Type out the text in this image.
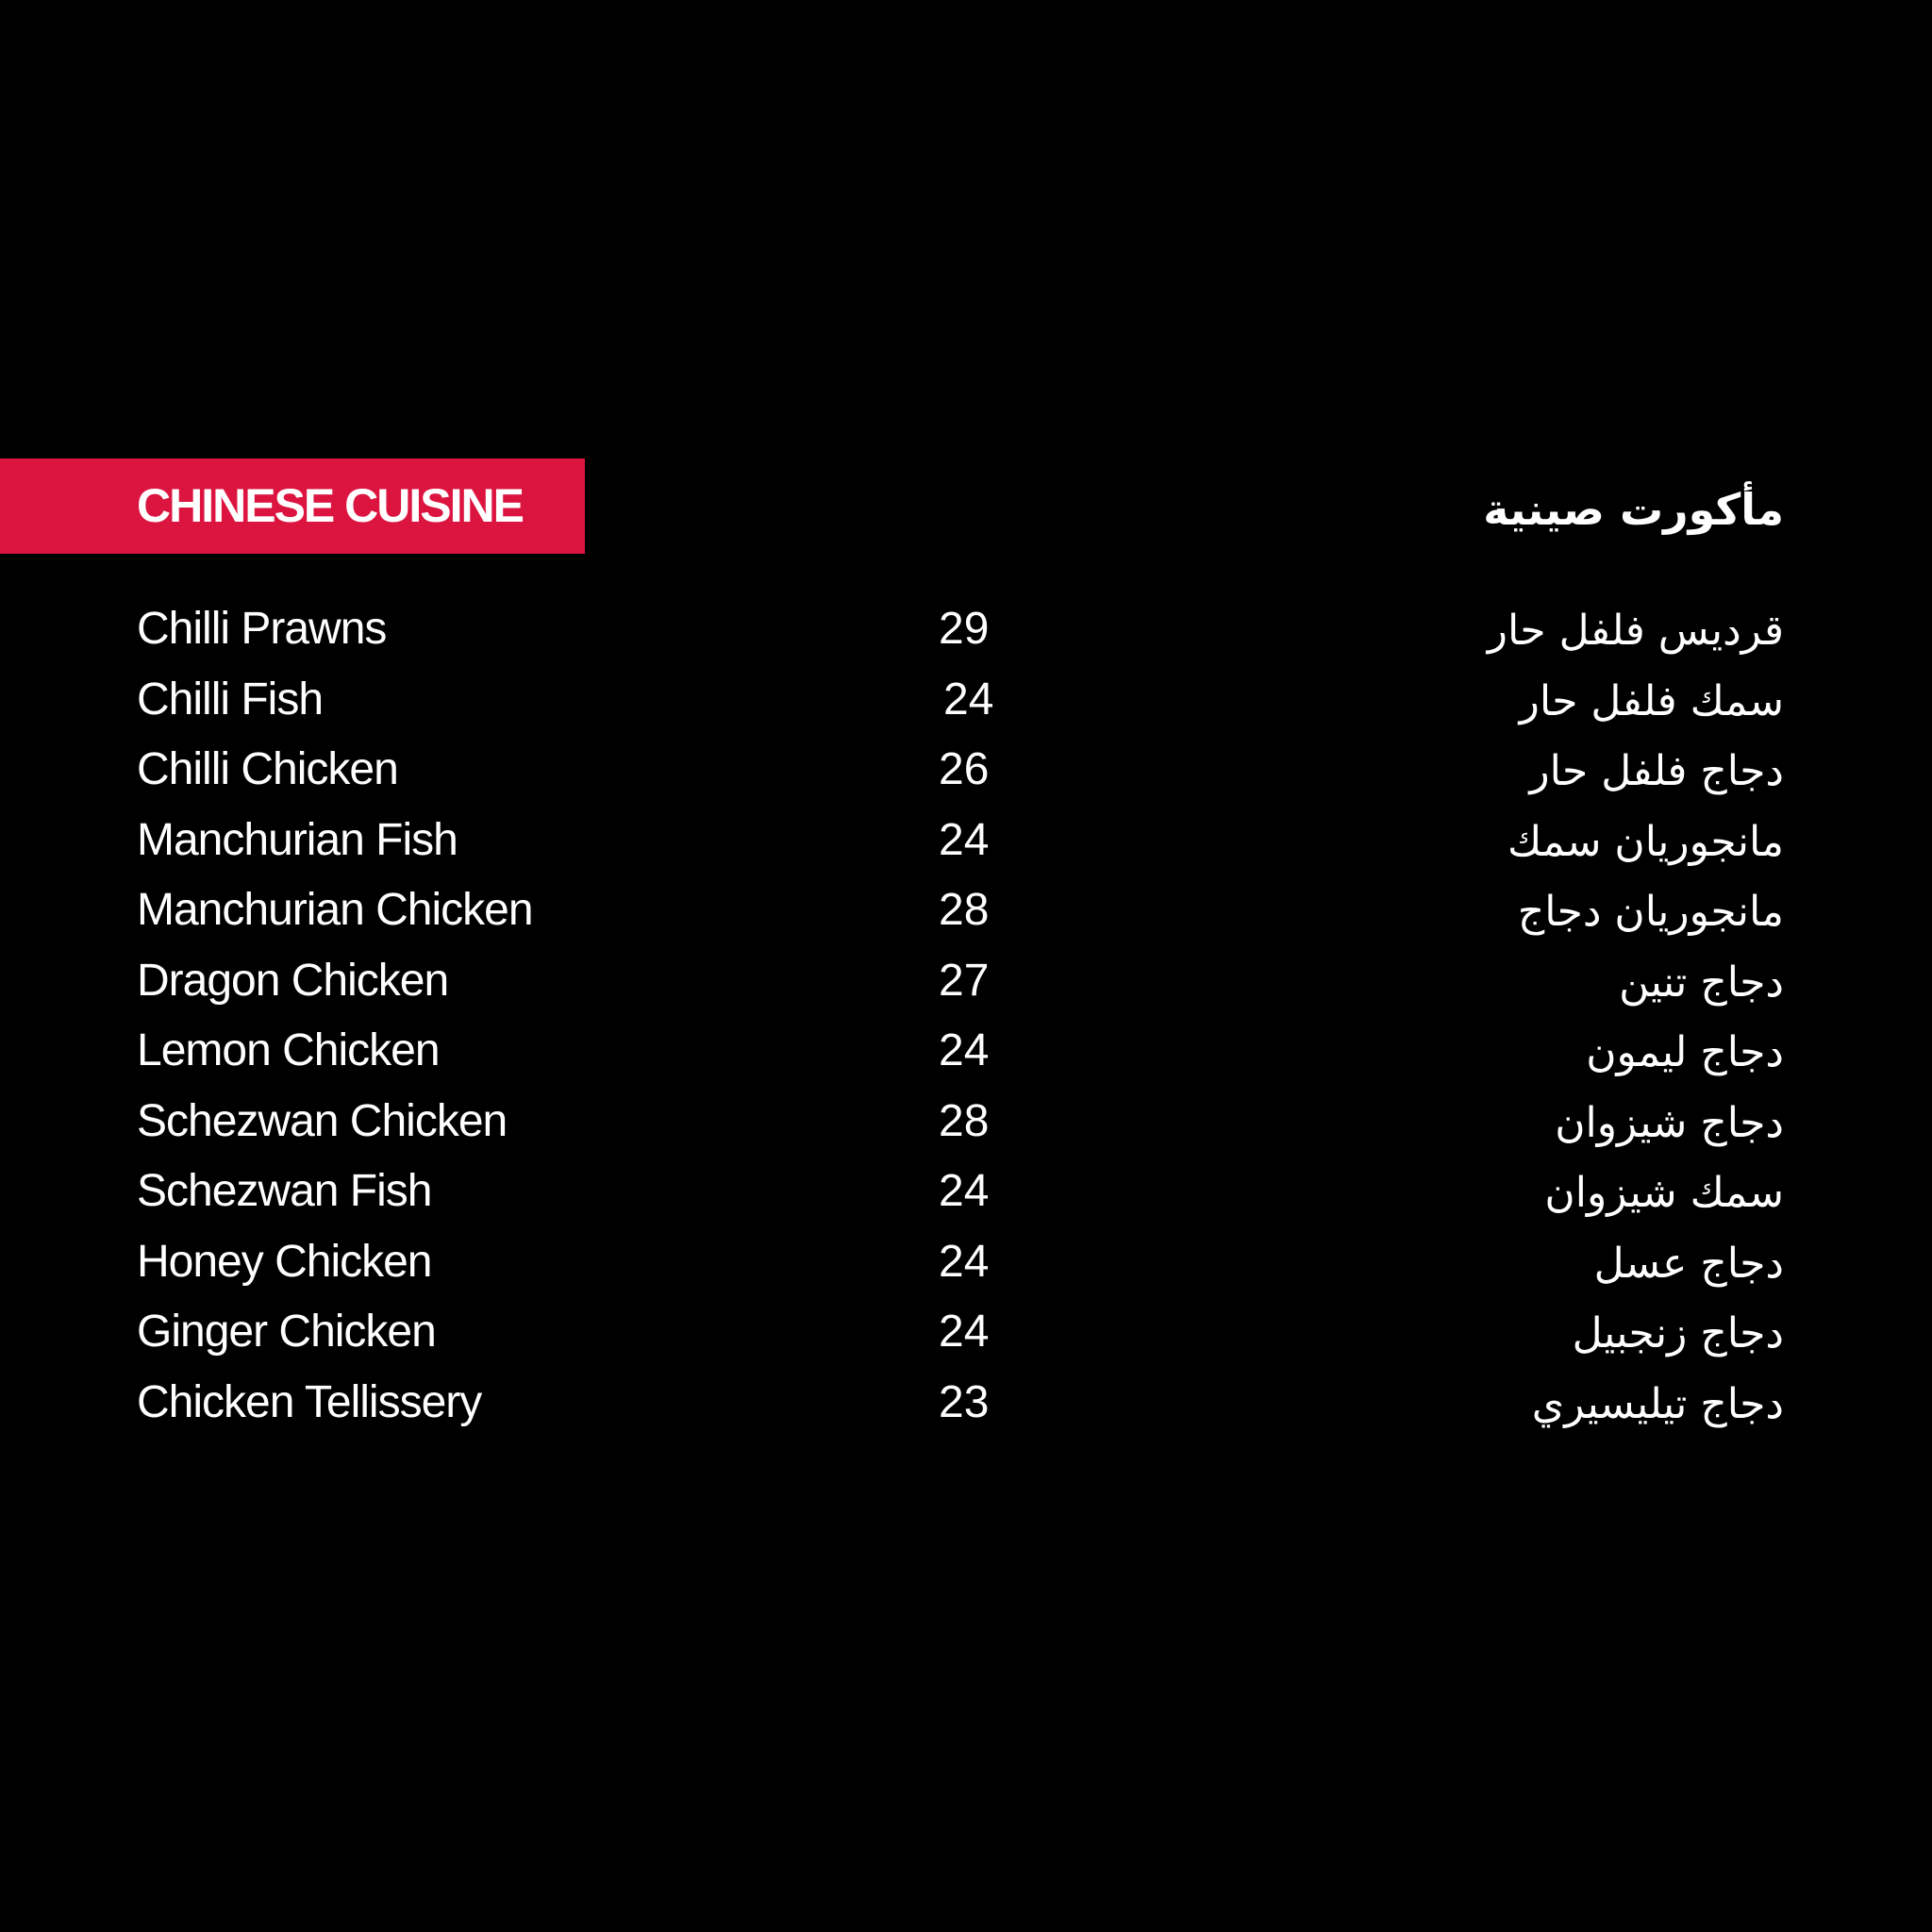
CHINESE CUISINE	مأكورت صينية
Chilli Prawns	29	قرديس فلفل حار
Chilli Fish	24	سمك فلفل حار
Chilli Chicken	26	دجاج فلفل حار
Manchurian Fish	24	مانجوريان سمك
Manchurian Chicken	28	مانجوريان دجاج
Dragon Chicken	27	دجاج تنين
Lemon Chicken	24	دجاج ليمون
Schezwan Chicken	28	دجاج شيزوان
Schezwan Fish	24	سمك شيزوان
Honey Chicken	24	دجاج عسل
Ginger Chicken	24	دجاج زنجبيل
Chicken Tellissery	23	دجاج تيليسيري
